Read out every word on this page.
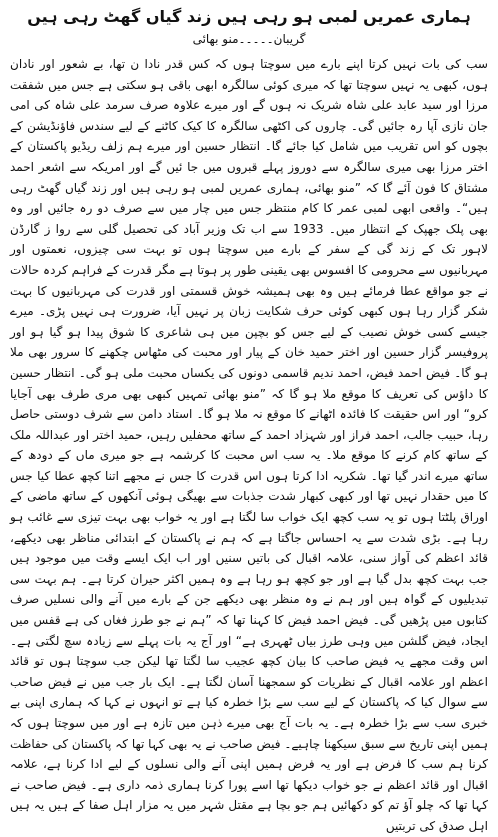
ہماری عمریں لمبی ہو رہی ہیں زند گیاں گھٹ رہی ہیں
گریبان۔۔۔۔۔منو بھائی

سب کی بات نہیں کرتا اپنے بارے میں سوچتا ہوں کہ کس قدر نادا ن تھا، بے شعور اور نادان ہوں، کبھی یہ نہیں سوچتا تھا کہ میری کوئی سالگرہ ابھی باقی ہو سکتی ہے جس میں شفقت مرزا اور سید عابد علی شاہ شریک نہ ہوں گے اور میرے علاوہ صرف سرمد علی شاہ کی امی جان نازی آپا رہ جائیں گی۔ چاروں کی اکٹھی سالگرہ کا کیک کاٹنے کے لیے سندس فاؤنڈیشن کے بچوں کو اس تقریب میں شامل کیا جائے گا۔ انتظار حسین اور میرے ہم زلف ریڈیو پاکستان کے اختر مرزا بھی میری سالگرہ سے دوروز پہلے قبروں میں جا ئیں گے اور امریکہ سے اشعر احمد مشتاق کا فون آئے گا کہ ”منو بھائی، ہماری عمریں لمبی ہو رہی ہیں اور زند گیاں گھٹ رہی ہیں“۔ واقعی ابھی لمبی عمر کا کام منتظر جس میں چار میں سے صرف دو رہ جائیں اور وہ بھی پلک جھپک کے انتظار میں۔ 1933 سے اب تک وزیر آباد کی تحصیل گلی سے روا ز گارڈن لاہور تک کے زند گی کے سفر کے بارے میں سوچتا ہوں تو بہت سی چیزوں، نعمتوں اور مہربانیوں سے محرومی کا افسوس بھی یقینی طور پر ہوتا ہے مگر قدرت کے فراہم کردہ حالات نے جو مواقع عطا فرمائے ہیں وہ بھی ہمیشہ خوش قسمتی اور قدرت کی مہربانیوں کا بہت شکر گزار رہا ہوں کبھی کوئی حرف شکایت زبان پر نہیں آیا، ضرورت ہی نہیں پڑی۔ میرے جیسے کسی خوش نصیب کے لیے جس کو بچپن میں ہی شاعری کا شوق پیدا ہو گیا ہو اور پروفیسر گزار حسین اور اختر حمید خان کے پیار اور محبت کی مٹھاس چکھنے کا سرور بھی ملا ہو گا۔ فیض احمد فیض، احمد ندیم قاسمی دونوں کی یکساں محبت ملی ہو گی۔ انتظار حسین کا داؤس کی تعریف کا موقع ملا ہو گا کہ ”منو بھائی تمہیں کبھی بھی مری طرف بھی آجایا کرو“ اور اس حقیقت کا فائدہ اٹھانے کا موقع نہ ملا ہو گا۔ استاد دامن سے شرف دوستی حاصل رہا، حبیب جالب، احمد فراز اور شہزاد احمد کے ساتھ محفلیں رہیں، حمید اختر اور عبداللہ ملک کے ساتھ کام کرنے کا موقع ملا۔ یہ سب اس محبت کا کرشمہ ہے جو میری ماں کے دودھ کے ساتھ میرے اندر گیا تھا۔ شکریہ ادا کرتا ہوں اس قدرت کا جس نے مجھے اتنا کچھ عطا کیا جس کا میں حقدار نہیں تھا اور کبھی کبھار شدت جذبات سے بھیگی ہوئی آنکھوں کے ساتھ ماضی کے اوراق پلٹتا ہوں تو یہ سب کچھ ایک خواب سا لگتا ہے اور یہ خواب بھی بہت تیزی سے غائب ہو رہا ہے۔ بڑی شدت سے یہ احساس جاگتا ہے کہ ہم نے پاکستان کے ابتدائی مناظر بھی دیکھے، قائد اعظم کی آواز سنی، علامہ اقبال کی باتیں سنیں اور اب ایک ایسے وقت میں موجود ہیں جب بہت کچھ بدل گیا ہے اور جو کچھ ہو رہا ہے وہ ہمیں اکثر حیران کرتا ہے۔ ہم بہت سی تبدیلیوں کے گواہ ہیں اور ہم نے وہ منظر بھی دیکھے جن کے بارے میں آنے والی نسلیں صرف کتابوں میں پڑھیں گی۔ فیض احمد فیض کا کہنا تھا کہ ”ہم نے جو طرز فغاں کی ہے قفس میں ایجاد، فیض گلشن میں وہی طرز بیاں ٹھہری ہے“ اور آج یہ بات پہلے سے زیادہ سچ لگتی ہے۔ اس وقت مجھے یہ فیض صاحب کا بیان کچھ عجیب سا لگتا تھا لیکن جب سوچتا ہوں تو قائد اعظم اور علامہ اقبال کے نظریات کو سمجھنا آسان لگتا ہے۔ ایک بار جب میں نے فیض صاحب سے سوال کیا کہ پاکستان کے لیے سب سے بڑا خطرہ کیا ہے تو انہوں نے کہا کہ ہماری اپنی بے خبری سب سے بڑا خطرہ ہے۔ یہ بات آج بھی میرے ذہن میں تازہ ہے اور میں سوچتا ہوں کہ ہمیں اپنی تاریخ سے سبق سیکھنا چاہیے۔ فیض صاحب نے یہ بھی کہا تھا کہ پاکستان کی حفاظت کرنا ہم سب کا فرض ہے اور یہ فرض ہمیں اپنی آنے والی نسلوں کے لیے ادا کرنا ہے، علامہ اقبال اور قائد اعظم نے جو خواب دیکھا تھا اسے پورا کرنا ہماری ذمہ داری ہے۔ فیض صاحب نے کہا تھا کہ چلو آؤ تم کو دکھائیں ہم جو بچا ہے مقتل شہر میں یہ مزار اہل صفا کے ہیں یہ ہیں اہل صدق کی تربتیں
